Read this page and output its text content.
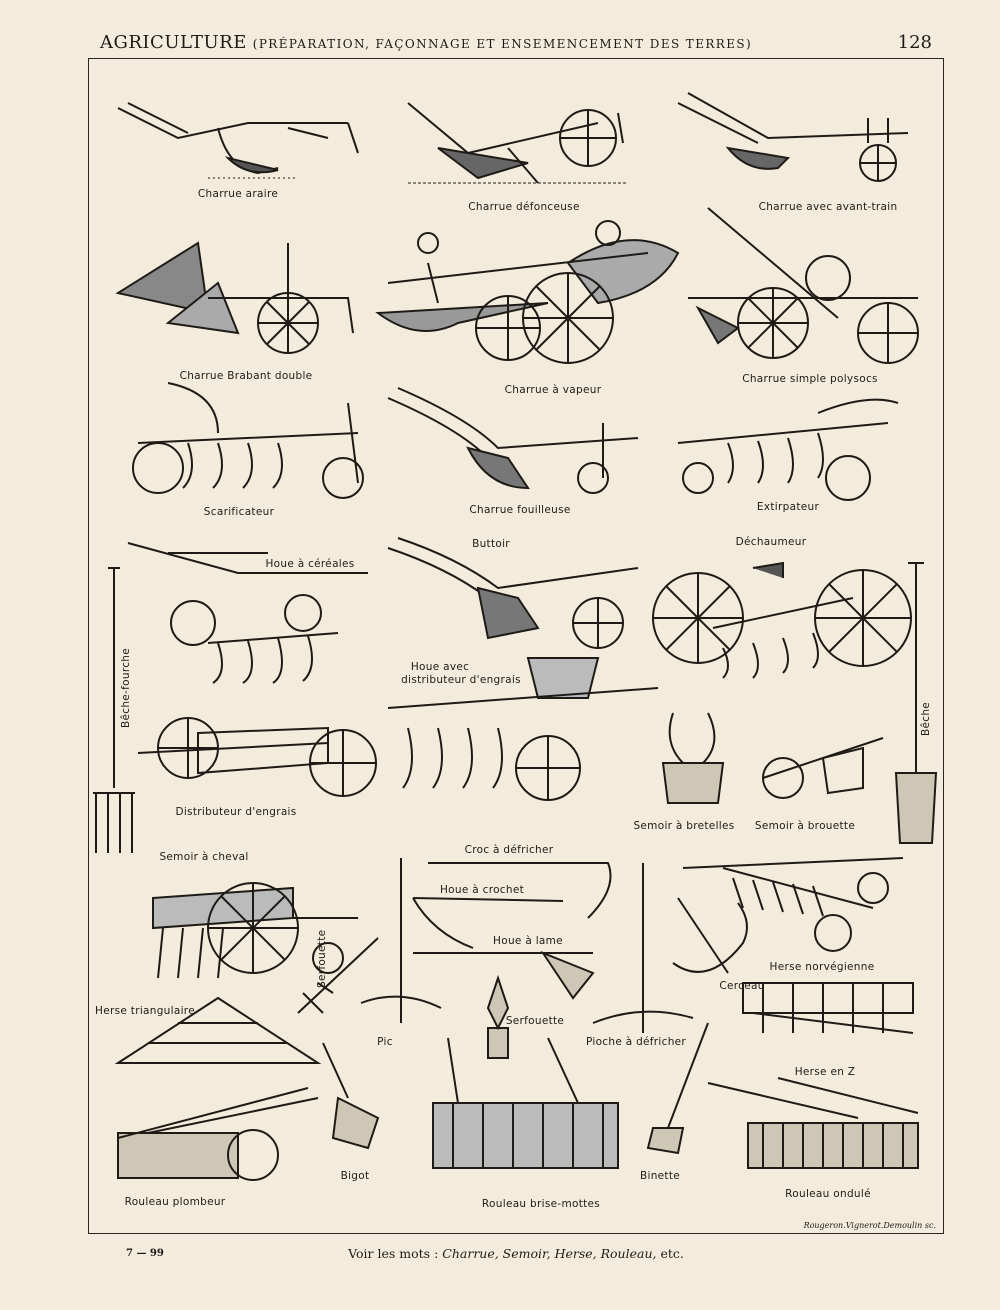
AGRICULTURE (PRÉPARATION, FAÇONNAGE ET ENSEMENCEMENT DES TERRES)	128
Charrue araire
Charrue défonceuse	Charrue avec avant-train
Charrue Brabant double
Charrue à vapeur
Charrue simple polysocs
Scarificateur	Charrue fouilleuse	Extirpateur
Houe à céréales
Buttoir	Déchaumeur
Bêche-fourche	Houe avec
distributeur d'engrais
Bêche
Distributeur d'engrais
Semoir à bretelles Semoir à brouette
Semoir à cheval
Croc à défricher
Houe à crochet
Houe à lame
Serfouette	Herse norvégienne
Cerceau
Herse triangulaire
Serfouette
Pic	Pioche à défricher
Herse en Z
Bigot	Binette
Rouleau plombeur	Rouleau brise-mottes
Rouleau ondulé
Rougeron.Vignerot.Demoulin sc.
7 — 99	Voir les mots : Charrue, Semoir, Herse, Rouleau, etc.
